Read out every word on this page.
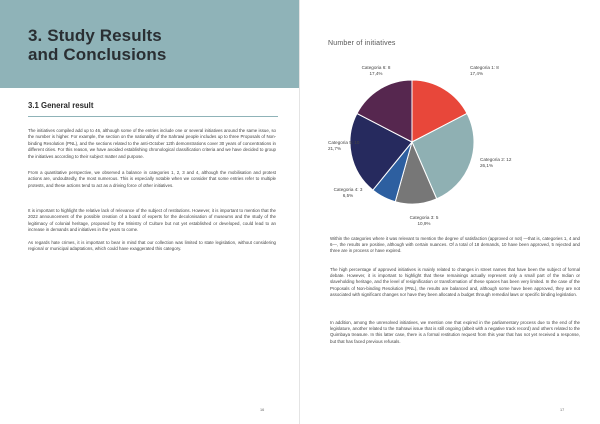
3. Study Results
and Conclusions
3.1 General result

The initiatives compiled add up to 46, although some of the entries include one or several initiatives around the same issue, so the number is higher. For example, the section on the nationality of the Sahrawi people includes up to three Proposals of Non-binding Resolution (PNL), and the sections related to the anti-October 12th demonstrations cover 30 years of concentrations in different cities. For this reason, we have avoided establishing chronological classification criteria and we have decided to group the initiatives according to their subject matter and purpose.

From a quantitative perspective, we observed a balance in categories 1, 2, 3 and 4, although the mobilisation and protest actions are, undoubtedly, the most numerous. This is especially notable when we consider that some entries refer to multiple protests, and these actions tend to act as a driving force of other initiatives.

It is important to highlight the relative lack of relevance of the subject of restitutions. However, it is important to mention that the 2022 announcement of the possible creation of a board of experts for the decolonisation of museums and the study of the legitimacy of colonial heritage, proposed by the Ministry of Culture but not yet established or developed, could lead to an increase in demands and initiatives in the years to come.

As regards hate crimes, it is important to bear in mind that our collection was limited to state legislation, without considering regional or municipal adaptations, which could have exaggerated this category.

16	17
Number of initiatives
Categoria 1: 8
17,4%
Categoria 2: 12
26,1%
Categoria 3: 5
10,9%
Categoria 4: 3
6,5%
Categoria 5: 10
21,7%
Categoria 6: 8
17,4%

Within the categories where it was relevant to mention the degree of satisfaction (approved or not) —that is, categories 1, 4 and 6—, the results are positive, although with certain nuances. Of a total of 18 demands, 10 have been approved, 5 rejected and three are in process or have expired.

The high percentage of approved initiatives is mainly related to changes in street names that have been the subject of formal debate. However, it is important to highlight that these remainings actually represent only a small part of the Indian or slaveholding heritage, and the level of resignification or transformation of these spaces has been very limited. In the case of the Proposals of Non-binding Resolution (PNL), the results are balanced and, although some have been approved, they are not associated with significant changes nor have they been allocated a budget through remedial laws or specific binding legislation.

In addition, among the unresolved initiatives, we mention one that expired in the parliamentary process due to the end of the legislature, another related to the Sahrawi issue that is still ongoing (albeit with a negative track record) and others related to the Quimbaya treasure. In this latter case, there is a formal restitution request from this year that has not yet received a response, but that has faced previous refusals.
